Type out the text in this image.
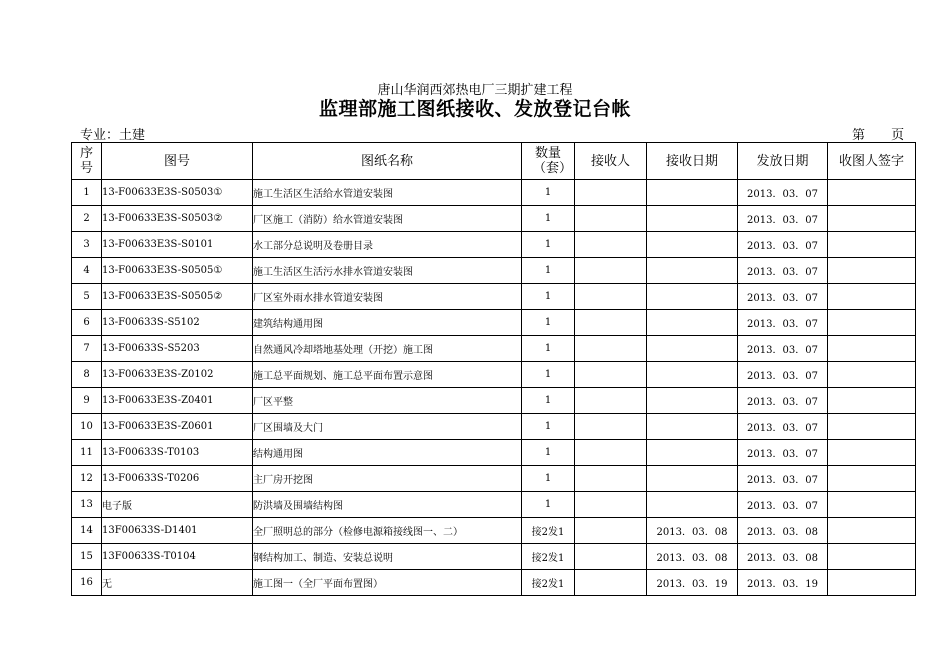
唐山华润西郊热电厂三期扩建工程
监理部施工图纸接收、发放登记台帐
专业：土建	第 页
序号	图号	图纸名称	数量（套）	接收人	接收日期	发放日期	收图人签字
1	13-F00633E3S-S0503①	施工生活区生活给水管道安装图	1			2013．03．07	
2	13-F00633E3S-S0503②	厂区施工（消防）给水管道安装图	1			2013．03．07	
3	13-F00633E3S-S0101	水工部分总说明及卷册目录	1			2013．03．07	
4	13-F00633E3S-S0505①	施工生活区生活污水排水管道安装图	1			2013．03．07	
5	13-F00633E3S-S0505②	厂区室外雨水排水管道安装图	1			2013．03．07	
6	13-F00633S-S5102	建筑结构通用图	1			2013．03．07	
7	13-F00633S-S5203	自然通风冷却塔地基处理（开挖）施工图	1			2013．03．07	
8	13-F00633E3S-Z0102	施工总平面规划、施工总平面布置示意图	1			2013．03．07	
9	13-F00633E3S-Z0401	厂区平整	1			2013．03．07	
10	13-F00633E3S-Z0601	厂区围墙及大门	1			2013．03．07	
11	13-F00633S-T0103	结构通用图	1			2013．03．07	
12	13-F00633S-T0206	主厂房开挖图	1			2013．03．07	
13	电子版	防洪墙及围墙结构图	1			2013．03．07	
14	13F00633S-D1401	全厂照明总的部分（检修电源箱接线图一、二）	接2发1		2013．03．08	2013．03．08	
15	13F00633S-T0104	钢结构加工、制造、安装总说明	接2发1		2013．03．08	2013．03．08	
16	无	施工图一（全厂平面布置图）	接2发1		2013．03．19	2013．03．19	
